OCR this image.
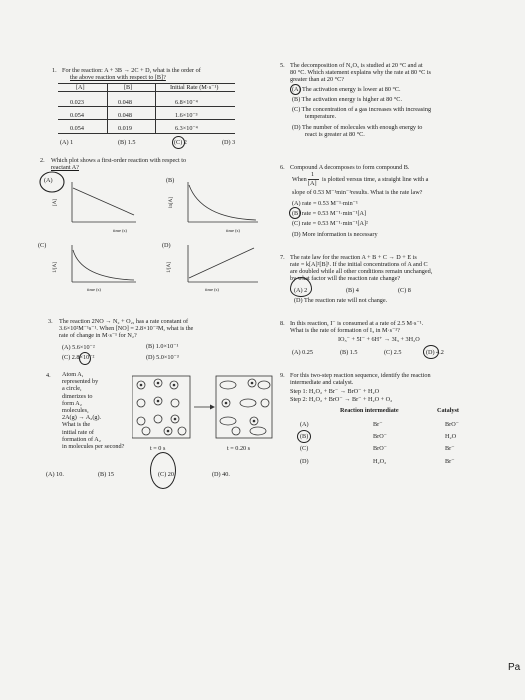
1. For the reaction: A + 3B → 2C + D, what is the order of
the above reaction with respect to [B]?
[A]	[B]	Initial Rate (M·s⁻¹)
0.023	0.048	6.8×10⁻⁴
0.054	0.048	1.6×10⁻³
0.054	0.019	6.3×10⁻⁴
(A) 1	(B) 1.5	(C) 2	(D) 3
2. Which plot shows a first-order reaction with respect to
reactant A?
(A)	(B)
(C)	(D)
[A]	ln[A]
1/[A]	1/[A]
time (s)	time (s)
time (s)	time (s)
3. The reaction 2NO → N₂ + O₂, has a rate constant of
3.6×10²M⁻¹s⁻¹. When [NO] = 2.8×10⁻²M, what is the
rate of change in M·s⁻¹ for N₂?
(A) 5.6×10⁻²	(B) 1.0×10⁻¹
(C) 2.8×10⁻²	(D) 5.0×10⁻³
4. Atom A,
represented by
a circle,
dimerizes to
form A₂
molecules,
2A(g) → A₂(g).
What is the
initial rate of
formation of A₂
in molecules per second?	t = 0 s	t = 0.20 s
(A) 10.	(B) 15	(C) 20.	(D) 40.
5. The decomposition of N₂O₅ is studied at 20 °C and at
80 °C. Which statement explains why the rate at 80 °C is
greater than at 20 °C?
(A) The activation energy is lower at 80 °C.
(B) The activation energy is higher at 80 °C.
(C) The concentration of a gas increases with increasing
temperature.
(D) The number of molecules with enough energy to
react is greater at 80 °C.
6. Compound A decomposes to form compound B.
When
1
[A]
is plotted versus time, a straight line with a
slope of 0.53 M⁻¹min⁻¹results. What is the rate law?
(A) rate = 0.53 M⁻¹·min⁻¹
(B) rate = 0.53 M⁻¹·min⁻¹[A]
(C) rate = 0.53 M⁻¹·min⁻¹[A]²
(D) More information is necessary
7. The rate law for the reaction A + B + C → D + E is
rate = k[A]²[B]¹. If the initial concentrations of A and C
are doubled while all other conditions remain unchanged,
by what factor will the reaction rate change?
(A) 2	(B) 4	(C) 8
(D) The reaction rate will not change.
8. In this reaction, I⁻ is consumed at a rate of 2.5 M·s⁻¹.
What is the rate of formation of I₃ in M·s⁻¹?
IO₃⁻ + 5I⁻ + 6H⁺ → 3I₃ + 3H₂O
(A) 0.25	(B) 1.5	(C) 2.5	(D) 4.2
9. For this two-step reaction sequence, identify the reaction
intermediate and catalyst.
Step 1: H₂O₂ + Br⁻ → BrO⁻ + H₂O
Step 2: H₂O₂ + BrO⁻ → Br⁻ + H₂O + O₂
Reaction intermediate	Catalyst
(A)	Br⁻	BrO⁻
(B)	BrO⁻	H₂O
(C)	BrO⁻	Br⁻
(D)	H₂O₂	Br⁻
Pa
